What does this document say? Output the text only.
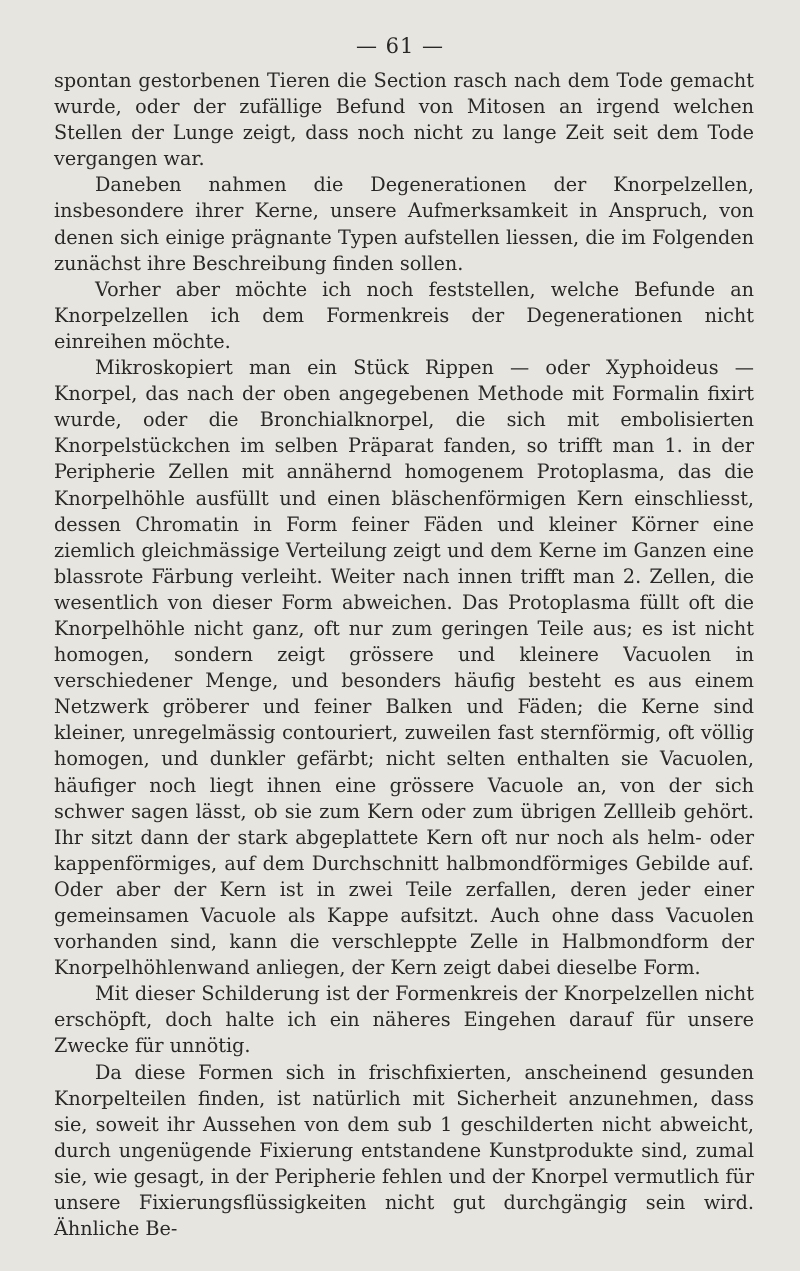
— 61 —

spontan gestorbenen Tieren die Section rasch nach dem Tode gemacht wurde, oder der zufällige Befund von Mitosen an irgend welchen Stellen der Lunge zeigt, dass noch nicht zu lange Zeit seit dem Tode vergangen war.

Daneben nahmen die Degenerationen der Knorpelzellen, insbesondere ihrer Kerne, unsere Aufmerksamkeit in Anspruch, von denen sich einige prägnante Typen aufstellen liessen, die im Folgenden zunächst ihre Beschreibung finden sollen.

Vorher aber möchte ich noch feststellen, welche Befunde an Knorpelzellen ich dem Formenkreis der Degenerationen nicht einreihen möchte.

Mikroskopiert man ein Stück Rippen — oder Xyphoideus — Knorpel, das nach der oben angegebenen Methode mit Formalin fixirt wurde, oder die Bronchialknorpel, die sich mit embolisierten Knorpelstückchen im selben Präparat fanden, so trifft man 1. in der Peripherie Zellen mit annähernd homogenem Protoplasma, das die Knorpelhöhle ausfüllt und einen bläschenförmigen Kern einschliesst, dessen Chromatin in Form feiner Fäden und kleiner Körner eine ziemlich gleichmässige Verteilung zeigt und dem Kerne im Ganzen eine blassrote Färbung verleiht. Weiter nach innen trifft man 2. Zellen, die wesentlich von dieser Form abweichen. Das Protoplasma füllt oft die Knorpelhöhle nicht ganz, oft nur zum geringen Teile aus; es ist nicht homogen, sondern zeigt grössere und kleinere Vacuolen in verschiedener Menge, und besonders häufig besteht es aus einem Netzwerk gröberer und feiner Balken und Fäden; die Kerne sind kleiner, unregelmässig contouriert, zuweilen fast sternförmig, oft völlig homogen, und dunkler gefärbt; nicht selten enthalten sie Vacuolen, häufiger noch liegt ihnen eine grössere Vacuole an, von der sich schwer sagen lässt, ob sie zum Kern oder zum übrigen Zellleib gehört. Ihr sitzt dann der stark abgeplattete Kern oft nur noch als helm- oder kappenförmiges, auf dem Durchschnitt halbmondförmiges Gebilde auf. Oder aber der Kern ist in zwei Teile zerfallen, deren jeder einer gemeinsamen Vacuole als Kappe aufsitzt. Auch ohne dass Vacuolen vorhanden sind, kann die verschleppte Zelle in Halbmondform der Knorpelhöhlenwand anliegen, der Kern zeigt dabei dieselbe Form.

Mit dieser Schilderung ist der Formenkreis der Knorpelzellen nicht erschöpft, doch halte ich ein näheres Eingehen darauf für unsere Zwecke für unnötig.

Da diese Formen sich in frischfixierten, anscheinend gesunden Knorpelteilen finden, ist natürlich mit Sicherheit anzunehmen, dass sie, soweit ihr Aussehen von dem sub 1 geschilderten nicht abweicht, durch ungenügende Fixierung entstandene Kunstprodukte sind, zumal sie, wie gesagt, in der Peripherie fehlen und der Knorpel vermutlich für unsere Fixierungsflüssigkeiten nicht gut durchgängig sein wird. Ähnliche Be-
